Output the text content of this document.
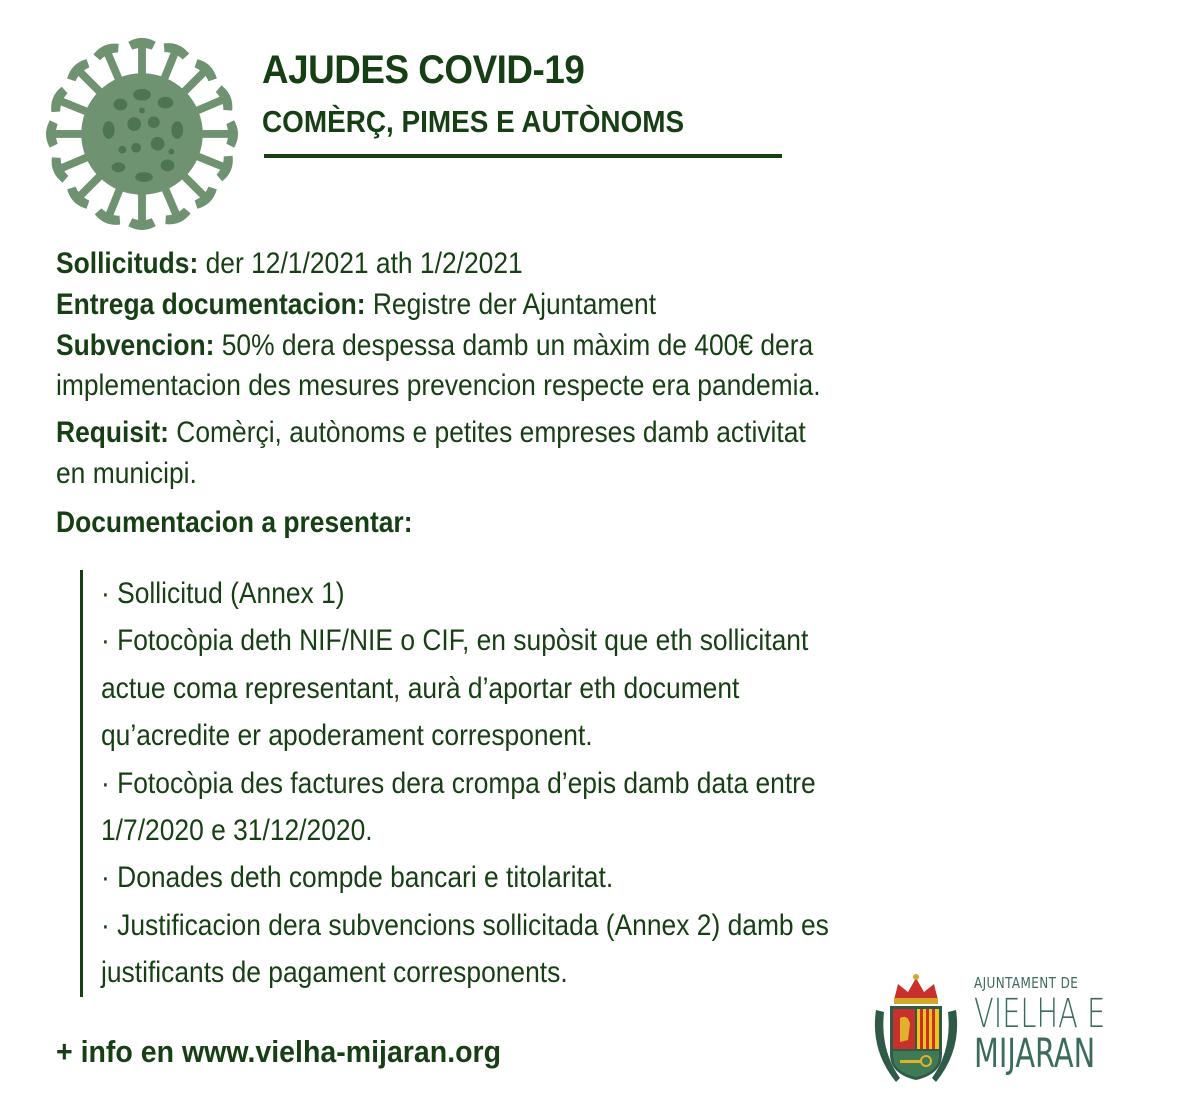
AJUDES COVID-19
COMÈRÇ, PIMES E AUTÒNOMS

Sollicituds: der 12/1/2021 ath 1/2/2021

Entrega documentacion: Registre der Ajuntament

Subvencion: 50% dera despessa damb un màxim de 400€ dera

implementacion des mesures prevencion respecte era pandemia.

Requisit: Comèrçi, autònoms e petites empreses damb activitat

en municipi.

Documentacion a presentar:
· Sollicitud (Annex 1)
· Fotocòpia deth NIF/NIE o CIF, en supòsit que eth sollicitant
actue coma representant, aurà d’aportar eth document
qu’acredite er apoderament corresponent.
· Fotocòpia des factures dera crompa d’epis damb data entre
1/7/2020 e 31/12/2020.
· Donades deth compde bancari e titolaritat.
· Justificacion dera subvencions sollicitada (Annex 2) damb es
justificants de pagament corresponents.
+ info en www.vielha-mijaran.org
AJUNTAMENT DE
VIELHA E
MIJARAN
